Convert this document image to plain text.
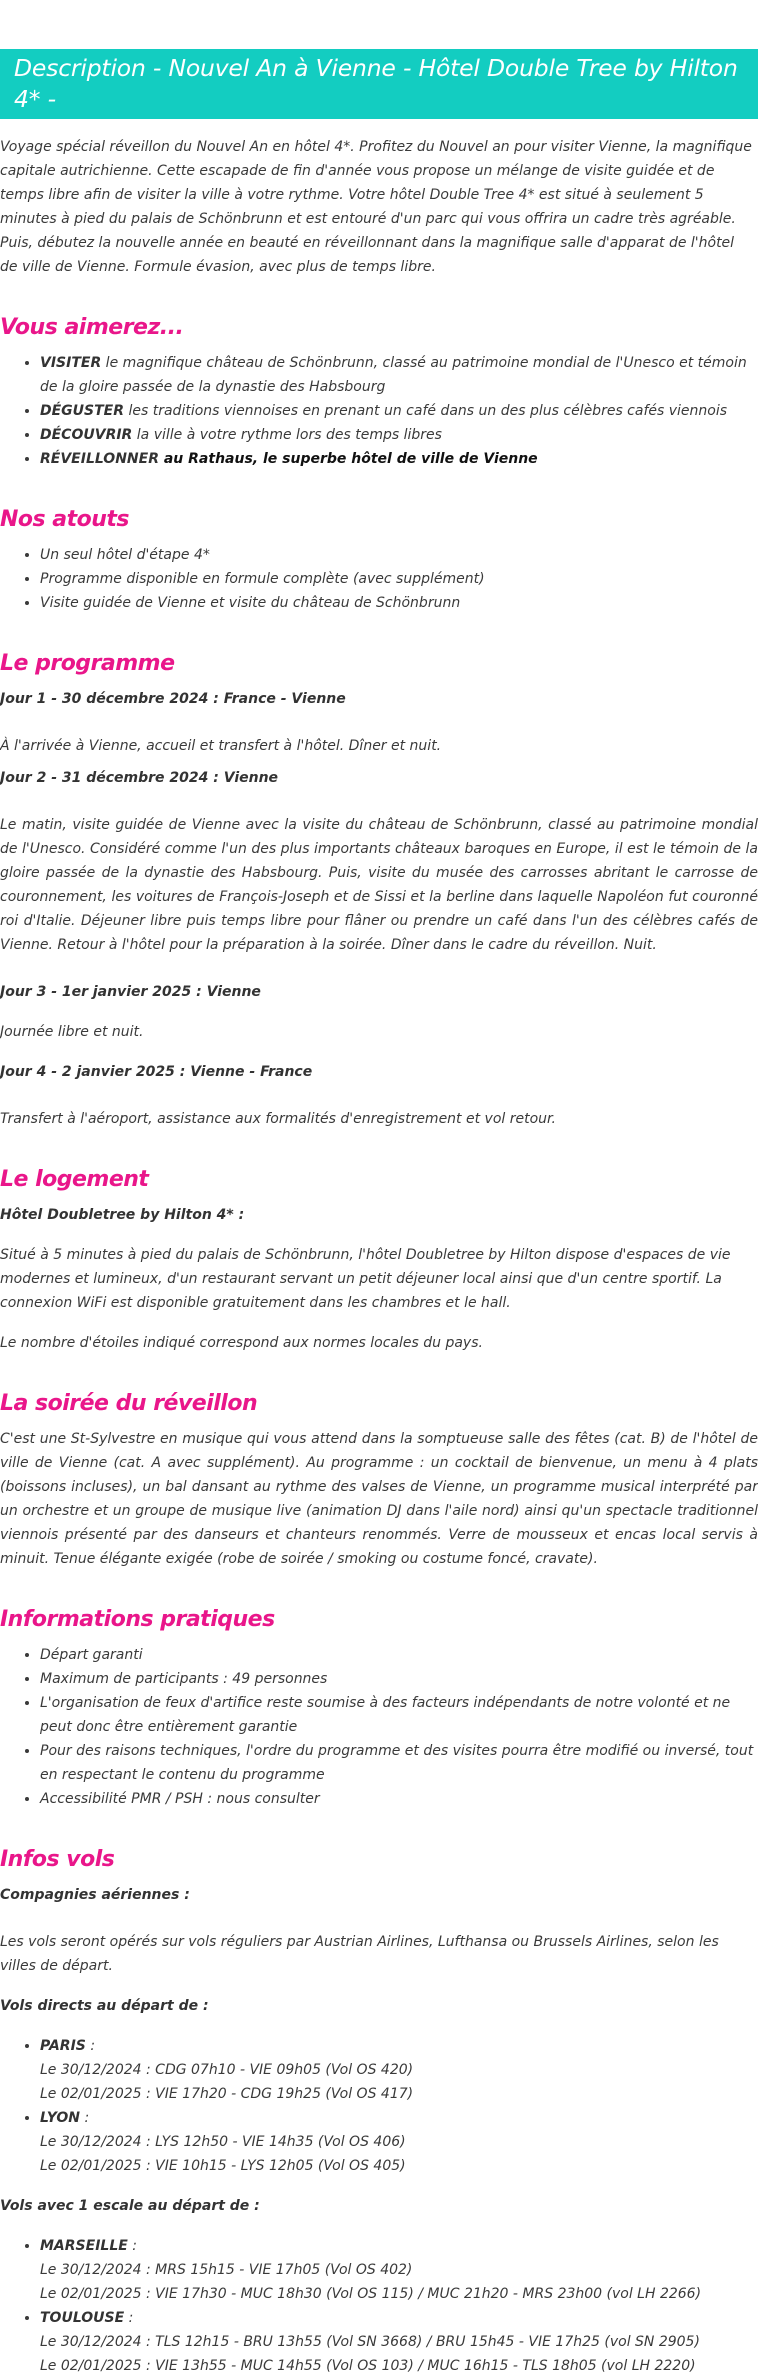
Description - Nouvel An à Vienne - Hôtel Double Tree by Hilton 4* -
Réveillon à l'hôtel de ville - Formule évasion

Voyage spécial réveillon du Nouvel An en hôtel 4*. Profitez du Nouvel an pour visiter Vienne, la magnifique capitale autrichienne. Cette escapade de fin d'année vous propose un mélange de visite guidée et de temps libre afin de visiter la ville à votre rythme. Votre hôtel Double Tree 4* est situé à seulement 5 minutes à pied du palais de Schönbrunn et est entouré d'un parc qui vous offrira un cadre très agréable. Puis, débutez la nouvelle année en beauté en réveillonnant dans la magnifique salle d'apparat de l'hôtel de ville de Vienne. Formule évasion, avec plus de temps libre.

Vous aimerez...
• VISITER le magnifique château de Schönbrunn, classé au patrimoine mondial de l'Unesco et témoin de la gloire passée de la dynastie des Habsbourg
• DÉGUSTER les traditions viennoises en prenant un café dans un des plus célèbres cafés viennois
• DÉCOUVRIR la ville à votre rythme lors des temps libres
• RÉVEILLONNER au Rathaus, le superbe hôtel de ville de Vienne
Nos atouts
• Un seul hôtel d'étape 4*
• Programme disponible en formule complète (avec supplément)
• Visite guidée de Vienne et visite du château de Schönbrunn
Le programme

Jour 1 - 30 décembre 2024 : France - Vienne

À l'arrivée à Vienne, accueil et transfert à l'hôtel. Dîner et nuit.

Jour 2 - 31 décembre 2024 : Vienne

Le matin, visite guidée de Vienne avec la visite du château de Schönbrunn, classé au patrimoine mondial de l'Unesco. Considéré comme l'un des plus importants châteaux baroques en Europe, il est le témoin de la gloire passée de la dynastie des Habsbourg. Puis, visite du musée des carrosses abritant le carrosse de couronnement, les voitures de François-Joseph et de Sissi et la berline dans laquelle Napoléon fut couronné roi d'Italie. Déjeuner libre puis temps libre pour flâner ou prendre un café dans l'un des célèbres cafés de Vienne. Retour à l'hôtel pour la préparation à la soirée. Dîner dans le cadre du réveillon. Nuit.

Jour 3 - 1er janvier 2025 : Vienne

Journée libre et nuit.

Jour 4 - 2 janvier 2025 : Vienne - France

Transfert à l'aéroport, assistance aux formalités d'enregistrement et vol retour.

Le logement

Hôtel Doubletree by Hilton 4* :

Situé à 5 minutes à pied du palais de Schönbrunn, l'hôtel Doubletree by Hilton dispose d'espaces de vie modernes et lumineux, d'un restaurant servant un petit déjeuner local ainsi que d'un centre sportif. La connexion WiFi est disponible gratuitement dans les chambres et le hall.

Le nombre d'étoiles indiqué correspond aux normes locales du pays.

La soirée du réveillon

C'est une St-Sylvestre en musique qui vous attend dans la somptueuse salle des fêtes (cat. B) de l'hôtel de ville de Vienne (cat. A avec supplément). Au programme : un cocktail de bienvenue, un menu à 4 plats (boissons incluses), un bal dansant au rythme des valses de Vienne, un programme musical interprété par un orchestre et un groupe de musique live (animation DJ dans l'aile nord) ainsi qu'un spectacle traditionnel viennois présenté par des danseurs et chanteurs renommés. Verre de mousseux et encas local servis à minuit. Tenue élégante exigée (robe de soirée / smoking ou costume foncé, cravate).

Informations pratiques
• Départ garanti
• Maximum de participants : 49 personnes
• L'organisation de feux d'artifice reste soumise à des facteurs indépendants de notre volonté et ne peut donc être entièrement garantie
• Pour des raisons techniques, l'ordre du programme et des visites pourra être modifié ou inversé, tout en respectant le contenu du programme
• Accessibilité PMR / PSH : nous consulter
Infos vols

Compagnies aériennes :

Les vols seront opérés sur vols réguliers par Austrian Airlines, Lufthansa ou Brussels Airlines, selon les villes de départ.

Vols directs au départ de :

• PARIS :
Le 30/12/2024 : CDG 07h10 - VIE 09h05 (Vol OS 420)
Le 02/01/2025 : VIE 17h20 - CDG 19h25 (Vol OS 417)
• LYON :
Le 30/12/2024 : LYS 12h50 - VIE 14h35 (Vol OS 406)
Le 02/01/2025 : VIE 10h15 - LYS 12h05 (Vol OS 405)

Vols avec 1 escale au départ de :

• MARSEILLE :
Le 30/12/2024 : MRS 15h15 - VIE 17h05 (Vol OS 402)
Le 02/01/2025 : VIE 17h30 - MUC 18h30 (Vol OS 115) / MUC 21h20 - MRS 23h00 (vol LH 2266)
• TOULOUSE :
Le 30/12/2024 : TLS 12h15 - BRU 13h55 (Vol SN 3668) / BRU 15h45 - VIE 17h25 (vol SN 2905)
Le 02/01/2025 : VIE 13h55 - MUC 14h55 (Vol OS 103) / MUC 16h15 - TLS 18h05 (vol LH 2220)
